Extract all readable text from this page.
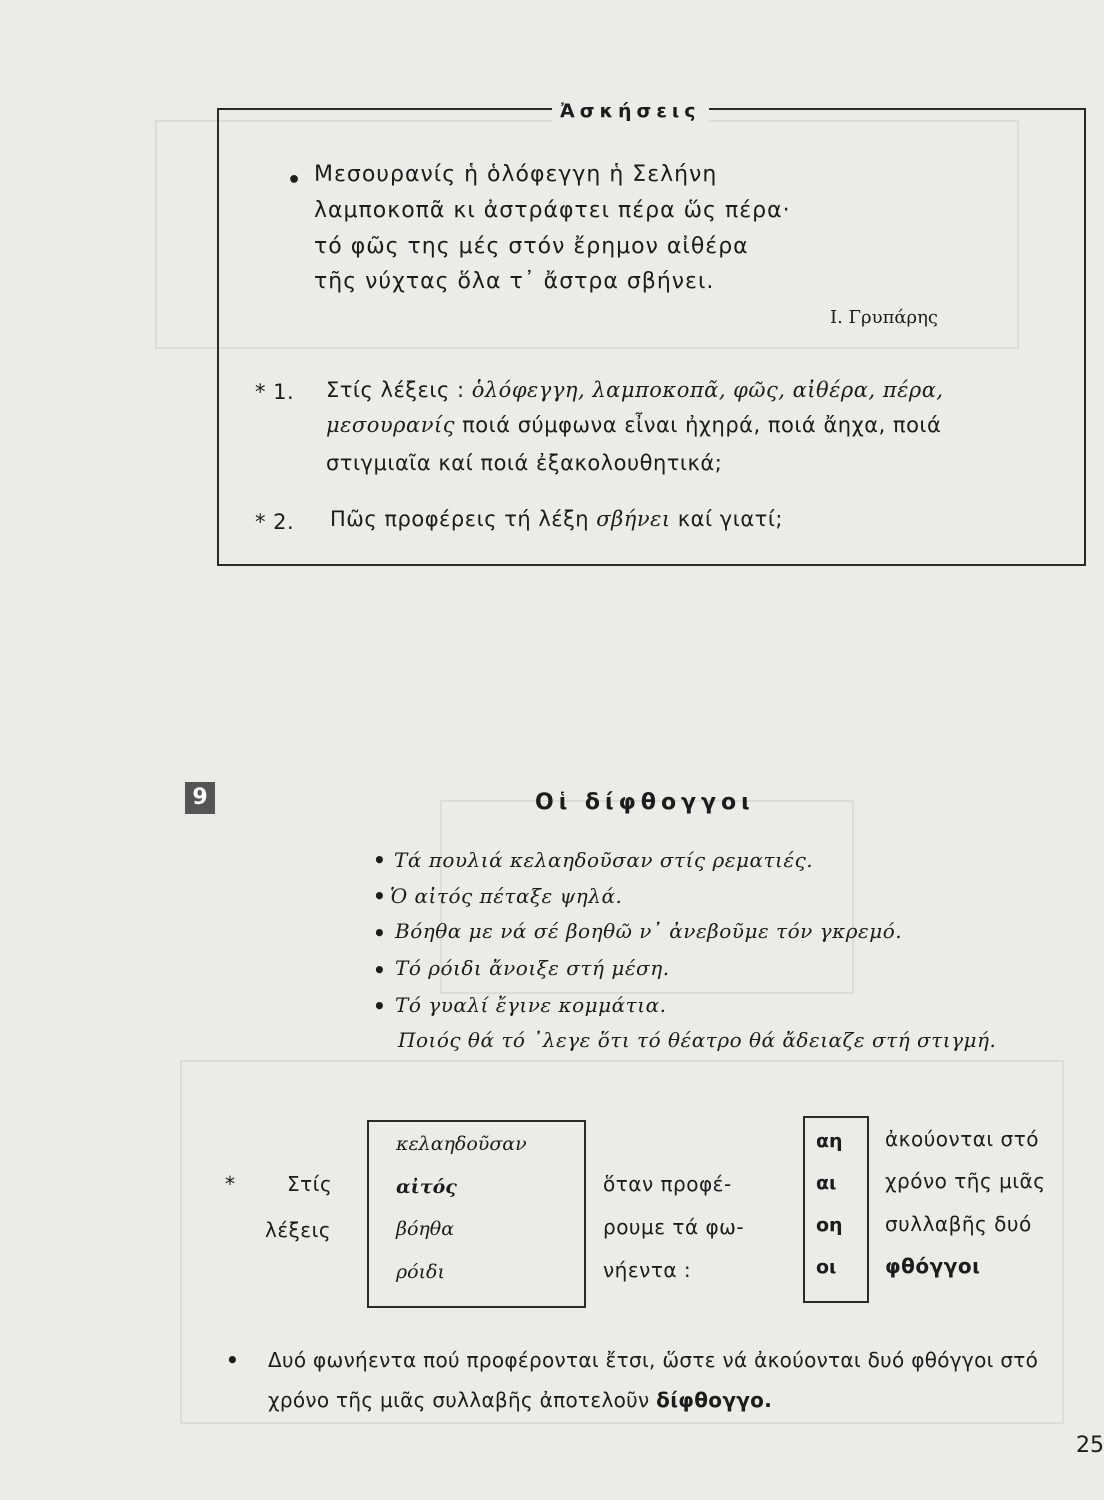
Ἀσκήσεις
• Μεσουρανίς ἡ ὁλόφεγγη ἡ Σελήνη
λαμποκοπᾶ κι ἀστράφτει πέρα ὥς πέρα·
τό φῶς της μές στόν ἔρημον αἰθέρα
τῆς νύχτας ὅλα τ᾽ ἄστρα σβήνει.
Ι. Γρυπάρης
* 1. Στίς λέξεις : ὁλόφεγγη, λαμποκοπᾶ, φῶς, αἰθέρα, πέρα,
μεσουρανίς ποιά σύμφωνα εἶναι ἠχηρά, ποιά ἄηχα, ποιά
στιγμιαῖα καί ποιά ἐξακολουθητικά;
* 2. Πῶς προφέρεις τή λέξη σβήνει καί γιατί;
9	Οἱ δίφθογγοι
• Τά πουλιά κελαηδοῦσαν στίς ρεματιές.
• Ὁ αἰτός πέταξε ψηλά.
• Βόηθα με νά σέ βοηθῶ ν᾽ ἀνεβοῦμε τόν γκρεμό.
• Τό ρόιδι ἄνοιξε στή μέση.
• Τό γυαλί ἔγινε κομμάτια.
Ποιός θά τό ᾽λεγε ὅτι τό θέατρο θά ἄδειαζε στή στιγμή.
*	Στίς
λέξεις
κελαηδοῦσαν
αἰτός
βόηθα
ρόιδι
ὅταν προφέ-
ρουμε τά φω-
νήεντα :
αη
αι
οη
οι
ἀκούονται στό
χρόνο τῆς μιᾶς
συλλαβῆς δυό
φθόγγοι
• Δυό φωνήεντα πού προφέρονται ἔτσι, ὥστε νά ἀκούονται δυό φθόγγοι στό χρόνο τῆς μιᾶς συλλαβῆς ἀποτελοῦν δίφθογγο.
25
